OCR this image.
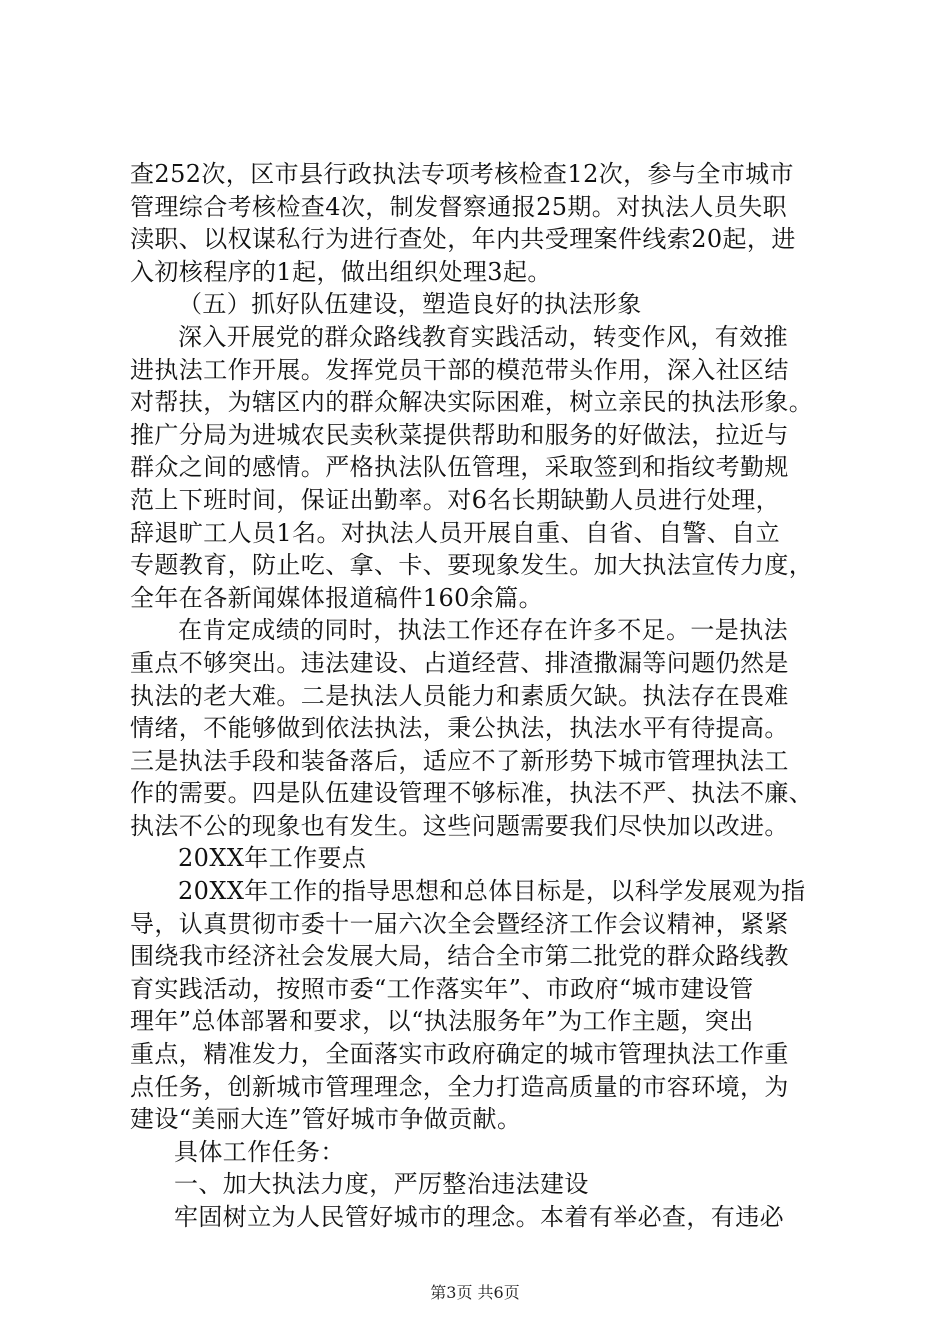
查252次，区市县行政执法专项考核检查12次，参与全市城市
管理综合考核检查4次，制发督察通报25期。对执法人员失职
渎职、以权谋私行为进行查处，年内共受理案件线索20起，进
入初核程序的1起，做出组织处理3起。
（五）抓好队伍建设，塑造良好的执法形象
深入开展党的群众路线教育实践活动，转变作风，有效推
进执法工作开展。发挥党员干部的模范带头作用，深入社区结
对帮扶，为辖区内的群众解决实际困难，树立亲民的执法形象。
推广分局为进城农民卖秋菜提供帮助和服务的好做法，拉近与
群众之间的感情。严格执法队伍管理，采取签到和指纹考勤规
范上下班时间，保证出勤率。对6名长期缺勤人员进行处理，
辞退旷工人员1名。对执法人员开展自重、自省、自警、自立
专题教育，防止吃、拿、卡、要现象发生。加大执法宣传力度，
全年在各新闻媒体报道稿件160余篇。
在肯定成绩的同时，执法工作还存在许多不足。一是执法
重点不够突出。违法建设、占道经营、排渣撒漏等问题仍然是
执法的老大难。二是执法人员能力和素质欠缺。执法存在畏难
情绪，不能够做到依法执法，秉公执法，执法水平有待提高。
三是执法手段和装备落后，适应不了新形势下城市管理执法工
作的需要。四是队伍建设管理不够标准，执法不严、执法不廉、
执法不公的现象也有发生。这些问题需要我们尽快加以改进。
20XX年工作要点
20XX年工作的指导思想和总体目标是，以科学发展观为指
导，认真贯彻市委十一届六次全会暨经济工作会议精神，紧紧
围绕我市经济社会发展大局，结合全市第二批党的群众路线教
育实践活动，按照市委“工作落实年”、市政府“城市建设管
理年”总体部署和要求，以“执法服务年”为工作主题，突出
重点，精准发力，全面落实市政府确定的城市管理执法工作重
点任务，创新城市管理理念，全力打造高质量的市容环境，为
建设“美丽大连”管好城市争做贡献。
具体工作任务：
一、加大执法力度，严厉整治违法建设
牢固树立为人民管好城市的理念。本着有举必查，有违必
第3页 共6页
